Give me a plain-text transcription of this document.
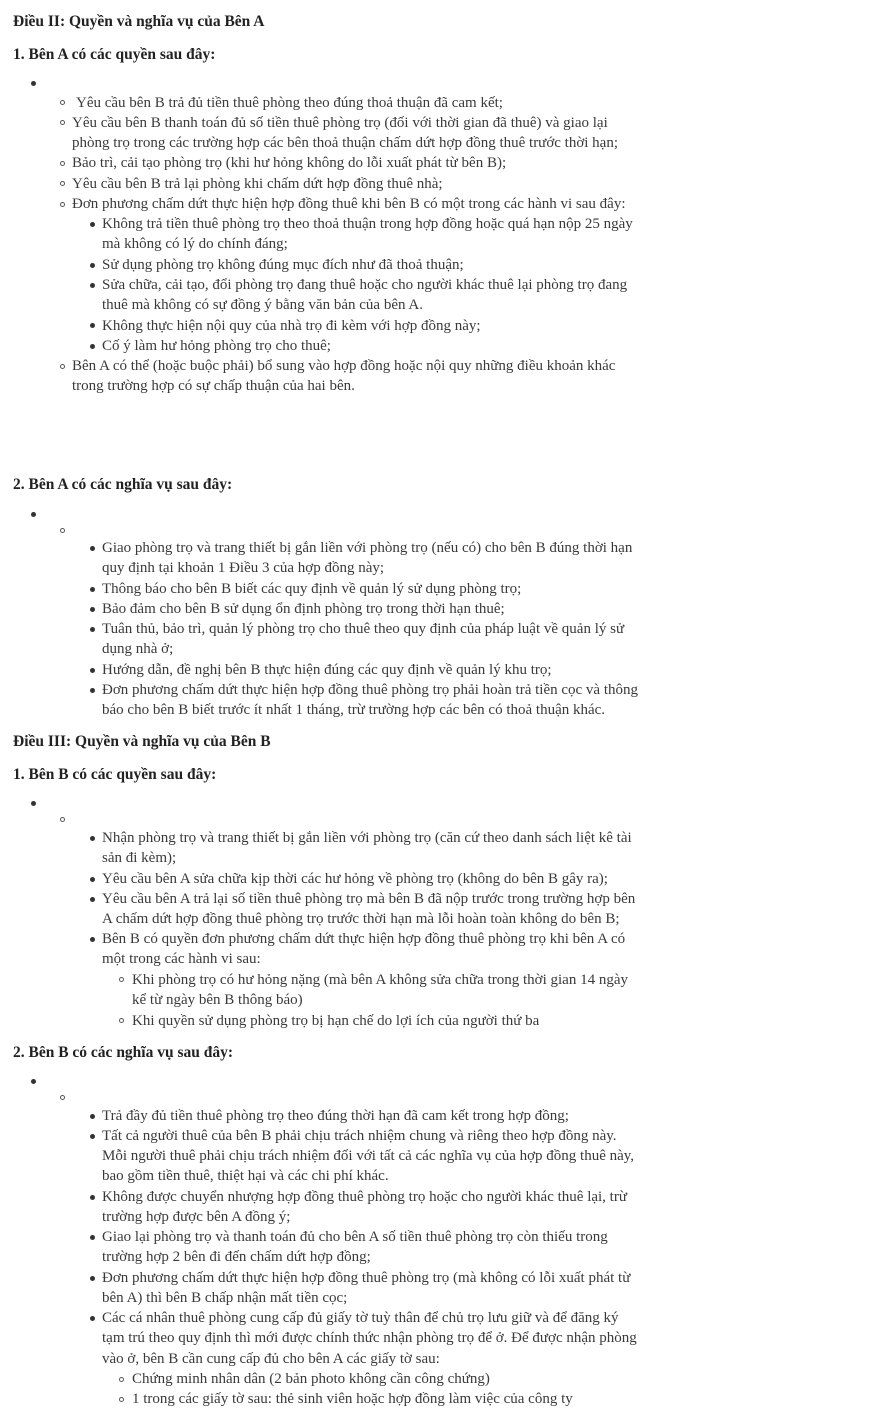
Điều II: Quyền và nghĩa vụ của Bên A
1. Bên A có các quyền sau đây:
Yêu cầu bên B trả đủ tiền thuê phòng theo đúng thoả thuận đã cam kết;
Yêu cầu bên B thanh toán đủ số tiền thuê phòng trọ (đối với thời gian đã thuê) và giao lại
phòng trọ trong các trường hợp các bên thoả thuận chấm dứt hợp đồng thuê trước thời hạn;
Bảo trì, cải tạo phòng trọ (khi hư hỏng không do lỗi xuất phát từ bên B);
Yêu cầu bên B trả lại phòng khi chấm dứt hợp đồng thuê nhà;
Đơn phương chấm dứt thực hiện hợp đồng thuê khi bên B có một trong các hành vi sau đây:
Không trả tiền thuê phòng trọ theo thoả thuận trong hợp đồng hoặc quá hạn nộp 25 ngày
mà không có lý do chính đáng;
Sử dụng phòng trọ không đúng mục đích như đã thoả thuận;
Sửa chữa, cải tạo, đổi phòng trọ đang thuê hoặc cho người khác thuê lại phòng trọ đang
thuê mà không có sự đồng ý bằng văn bản của bên A.
Không thực hiện nội quy của nhà trọ đi kèm với hợp đồng này;
Cố ý làm hư hỏng phòng trọ cho thuê;
Bên A có thể (hoặc buộc phải) bổ sung vào hợp đồng hoặc nội quy những điều khoản khác
trong trường hợp có sự chấp thuận của hai bên.
2. Bên A có các nghĩa vụ sau đây:
Giao phòng trọ và trang thiết bị gắn liền với phòng trọ (nếu có) cho bên B đúng thời hạn
quy định tại khoản 1 Điều 3 của hợp đồng này;
Thông báo cho bên B biết các quy định về quản lý sử dụng phòng trọ;
Bảo đảm cho bên B sử dụng ổn định phòng trọ trong thời hạn thuê;
Tuân thủ, bảo trì, quản lý phòng trọ cho thuê theo quy định của pháp luật về quản lý sử
dụng nhà ở;
Hướng dẫn, đề nghị bên B thực hiện đúng các quy định về quản lý khu trọ;
Đơn phương chấm dứt thực hiện hợp đồng thuê phòng trọ phải hoàn trả tiền cọc và thông
báo cho bên B biết trước ít nhất 1 tháng, trừ trường hợp các bên có thoả thuận khác.
Điều III: Quyền và nghĩa vụ của Bên B
1. Bên B có các quyền sau đây:
Nhận phòng trọ và trang thiết bị gắn liền với phòng trọ (căn cứ theo danh sách liệt kê tài
sản đi kèm);
Yêu cầu bên A sửa chữa kịp thời các hư hỏng về phòng trọ (không do bên B gây ra);
Yêu cầu bên A trả lại số tiền thuê phòng trọ mà bên B đã nộp trước trong trường hợp bên
A chấm dứt hợp đồng thuê phòng trọ trước thời hạn mà lỗi hoàn toàn không do bên B;
Bên B có quyền đơn phương chấm dứt thực hiện hợp đồng thuê phòng trọ khi bên A có
một trong các hành vi sau:
Khi phòng trọ có hư hỏng nặng (mà bên A không sửa chữa trong thời gian 14 ngày
kể từ ngày bên B thông báo)
Khi quyền sử dụng phòng trọ bị hạn chế do lợi ích của người thứ ba
2. Bên B có các nghĩa vụ sau đây:
Trả đầy đủ tiền thuê phòng trọ theo đúng thời hạn đã cam kết trong hợp đồng;
Tất cả người thuê của bên B phải chịu trách nhiệm chung và riêng theo hợp đồng này.
Mỗi người thuê phải chịu trách nhiệm đối với tất cả các nghĩa vụ của hợp đồng thuê này,
bao gồm tiền thuê, thiệt hại và các chi phí khác.
Không được chuyển nhượng hợp đồng thuê phòng trọ hoặc cho người khác thuê lại, trừ
trường hợp được bên A đồng ý;
Giao lại phòng trọ và thanh toán đủ cho bên A số tiền thuê phòng trọ còn thiếu trong
trường hợp 2 bên đi đến chấm dứt hợp đồng;
Đơn phương chấm dứt thực hiện hợp đồng thuê phòng trọ (mà không có lỗi xuất phát từ
bên A) thì bên B chấp nhận mất tiền cọc;
Các cá nhân thuê phòng cung cấp đủ giấy tờ tuỳ thân để chủ trọ lưu giữ và để đăng ký
tạm trú theo quy định thì mới được chính thức nhận phòng trọ để ở. Để được nhận phòng
vào ở, bên B cần cung cấp đủ cho bên A các giấy tờ sau:
Chứng minh nhân dân (2 bản photo không cần công chứng)
1 trong các giấy tờ sau: thẻ sinh viên hoặc hợp đồng làm việc của công ty
